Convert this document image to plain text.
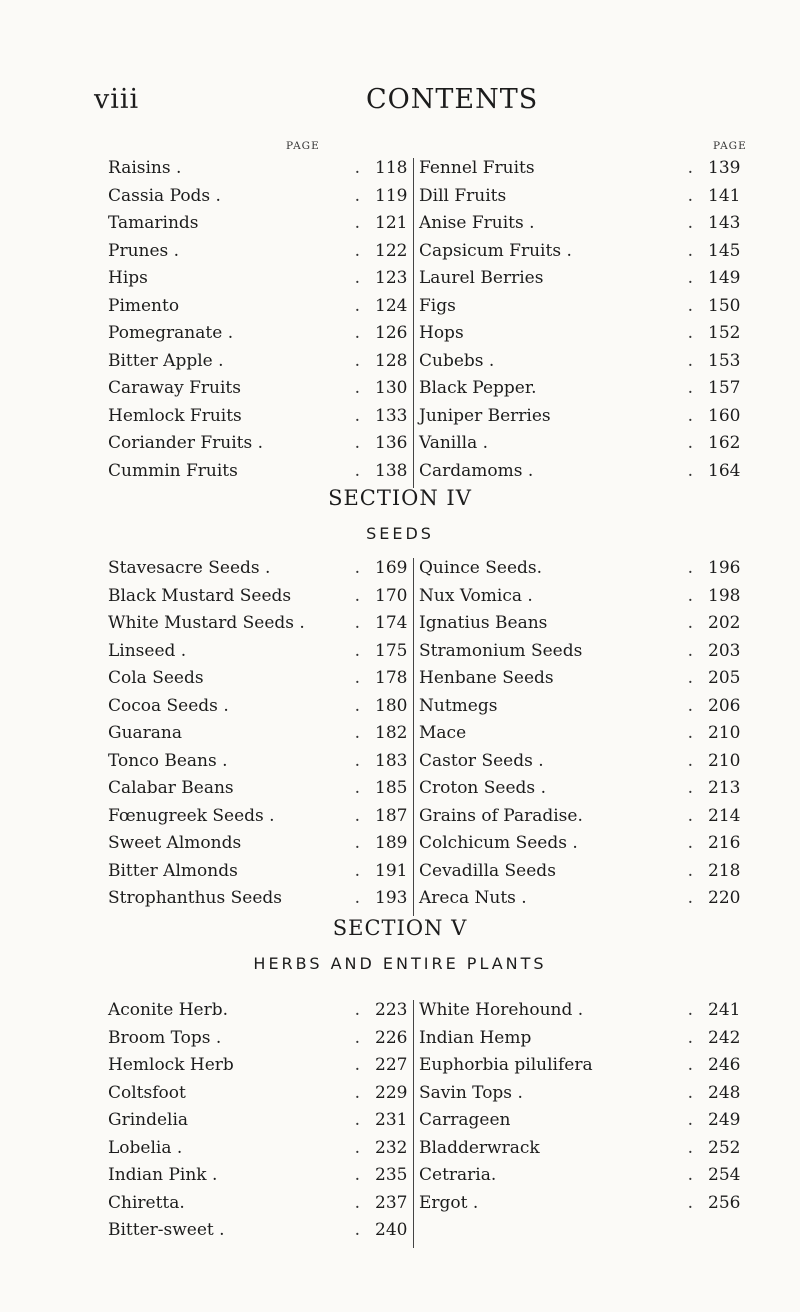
viii	CONTENTS
PAGE	PAGE
Raisins .	. 118
Cassia Pods .	. 119
Tamarinds	. 121
Prunes .	. 122
Hips	. 123
Pimento	. 124
Pomegranate .	. 126
Bitter Apple .	. 128
Caraway Fruits	. 130
Hemlock Fruits	. 133
Coriander Fruits .	. 136
Cummin Fruits	. 138
Fennel Fruits	. 139
Dill Fruits	. 141
Anise Fruits .	. 143
Capsicum Fruits .	. 145
Laurel Berries	. 149
Figs	. 150
Hops	. 152
Cubebs .	. 153
Black Pepper.	. 157
Juniper Berries	. 160
Vanilla .	. 162
Cardamoms .	. 164
SECTION IV
SEEDS
Stavesacre Seeds .	. 169
Black Mustard Seeds	. 170
White Mustard Seeds .	. 174
Linseed .	. 175
Cola Seeds	. 178
Cocoa Seeds .	. 180
Guarana	. 182
Tonco Beans .	. 183
Calabar Beans	. 185
Fœnugreek Seeds .	. 187
Sweet Almonds	. 189
Bitter Almonds	. 191
Strophanthus Seeds	. 193
Quince Seeds.	. 196
Nux Vomica .	. 198
Ignatius Beans	. 202
Stramonium Seeds	. 203
Henbane Seeds	. 205
Nutmegs	. 206
Mace	. 210
Castor Seeds .	. 210
Croton Seeds .	. 213
Grains of Paradise.	. 214
Colchicum Seeds .	. 216
Cevadilla Seeds	. 218
Areca Nuts .	. 220
SECTION V
HERBS AND ENTIRE PLANTS
Aconite Herb.	. 223
Broom Tops .	. 226
Hemlock Herb	. 227
Coltsfoot	. 229
Grindelia	. 231
Lobelia .	. 232
Indian Pink .	. 235
Chiretta.	. 237
Bitter-sweet .	. 240
White Horehound .	. 241
Indian Hemp	. 242
Euphorbia pilulifera	. 246
Savin Tops .	. 248
Carrageen	. 249
Bladderwrack	. 252
Cetraria.	. 254
Ergot .	. 256
